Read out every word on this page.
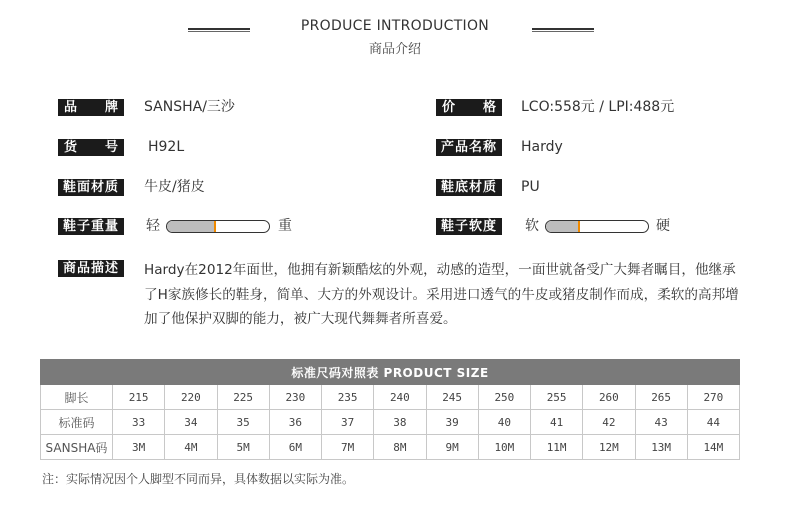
PRODUCE INTRODUCTION
商品介绍
品 牌 SANSHA/三沙	价 格 LCO:558元 / LPI:488元
货 号 H92L	产品名称	Hardy
鞋面材质	牛皮/猪皮	鞋底材质	PU
鞋子重量	轻	重	鞋子软度	软	硬
商品描述	Hardy在2012年面世，他拥有新颖酷炫的外观，动感的造型，一面世就备受广大舞者瞩目，他继承了H家族修长的鞋身，简单、大方的外观设计。采用进口透气的牛皮或猪皮制作而成，柔软的高邦增加了他保护双脚的能力，被广大现代舞舞者所喜爱。
标准尺码对照表 PRODUCT SIZE												
脚长	215	220	225	230	235	240	245	250	255	260	265	270
标准码	33	34	35	36	37	38	39	40	41	42	43	44
SANSHA码	3M	4M	5M	6M	7M	8M	9M	10M	11M	12M	13M	14M
注：实际情况因个人脚型不同而异，具体数据以实际为准。
